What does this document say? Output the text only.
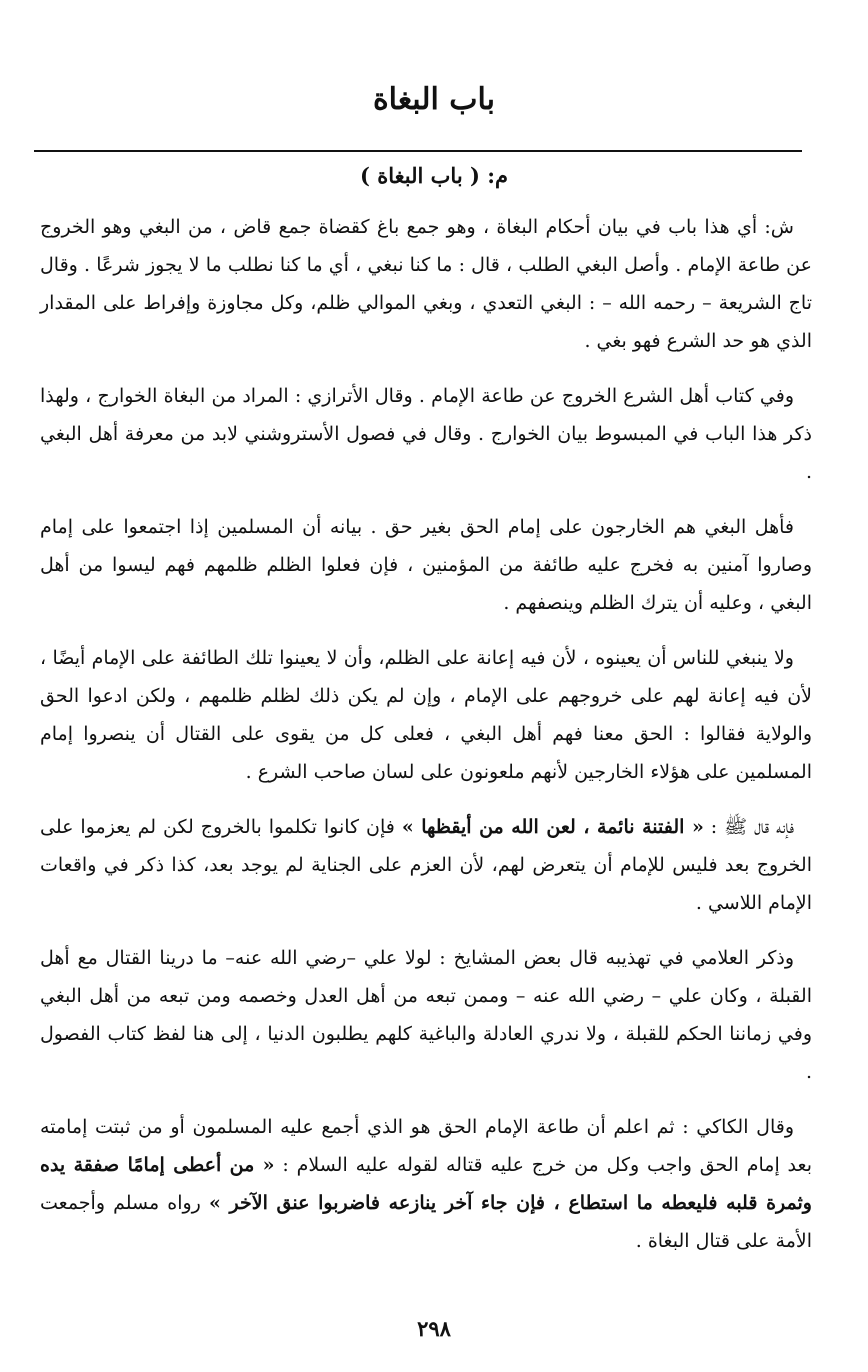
باب البغاة
م: ( باب البغاة )

ش: أي هذا باب في بيان أحكام البغاة ، وهو جمع باغ كقضاة جمع قاض ، من البغي وهو الخروج عن طاعة الإمام . وأصل البغي الطلب ، قال : ما كنا نبغي ، أي ما كنا نطلب ما لا يجوز شرعًا . وقال تاج الشريعة – رحمه الله – : البغي التعدي ، وبغي الموالي ظلم، وكل مجاوزة وإفراط على المقدار الذي هو حد الشرع فهو بغي .

وفي كتاب أهل الشرع الخروج عن طاعة الإمام . وقال الأترازي : المراد من البغاة الخوارج ، ولهذا ذكر هذا الباب في المبسوط بيان الخوارج . وقال في فصول الأستروشني لابد من معرفة أهل البغي .

فأهل البغي هم الخارجون على إمام الحق بغير حق . بيانه أن المسلمين إذا اجتمعوا على إمام وصاروا آمنين به فخرج عليه طائفة من المؤمنين ، فإن فعلوا الظلم ظلمهم فهم ليسوا من أهل البغي ، وعليه أن يترك الظلم وينصفهم .

ولا ينبغي للناس أن يعينوه ، لأن فيه إعانة على الظلم، وأن لا يعينوا تلك الطائفة على الإمام أيضًا ، لأن فيه إعانة لهم على خروجهم على الإمام ، وإن لم يكن ذلك لظلم ظلمهم ، ولكن ادعوا الحق والولاية فقالوا : الحق معنا فهم أهل البغي ، فعلى كل من يقوى على القتال أن ينصروا إمام المسلمين على هؤلاء الخارجين لأنهم ملعونون على لسان صاحب الشرع .

فإنه قال ﷺ : « الفتنة نائمة ، لعن الله من أيقظها » فإن كانوا تكلموا بالخروج لكن لم يعزموا على الخروج بعد فليس للإمام أن يتعرض لهم، لأن العزم على الجناية لم يوجد بعد، كذا ذكر في واقعات الإمام اللاسي .

وذكر العلامي في تهذيبه قال بعض المشايخ : لولا علي –رضي الله عنه– ما درينا القتال مع أهل القبلة ، وكان علي – رضي الله عنه – وممن تبعه من أهل العدل وخصمه ومن تبعه من أهل البغي وفي زماننا الحكم للقبلة ، ولا ندري العادلة والباغية كلهم يطلبون الدنيا ، إلى هنا لفظ كتاب الفصول .

وقال الكاكي : ثم اعلم أن طاعة الإمام الحق هو الذي أجمع عليه المسلمون أو من ثبتت إمامته بعد إمام الحق واجب وكل من خرج عليه قتاله لقوله عليه السلام : « من أعطى إمامًا صفقة يده وثمرة قلبه فليعطه ما استطاع ، فإن جاء آخر ينازعه فاضربوا عنق الآخر » رواه مسلم وأجمعت الأمة على قتال البغاة .

٢٩٨
